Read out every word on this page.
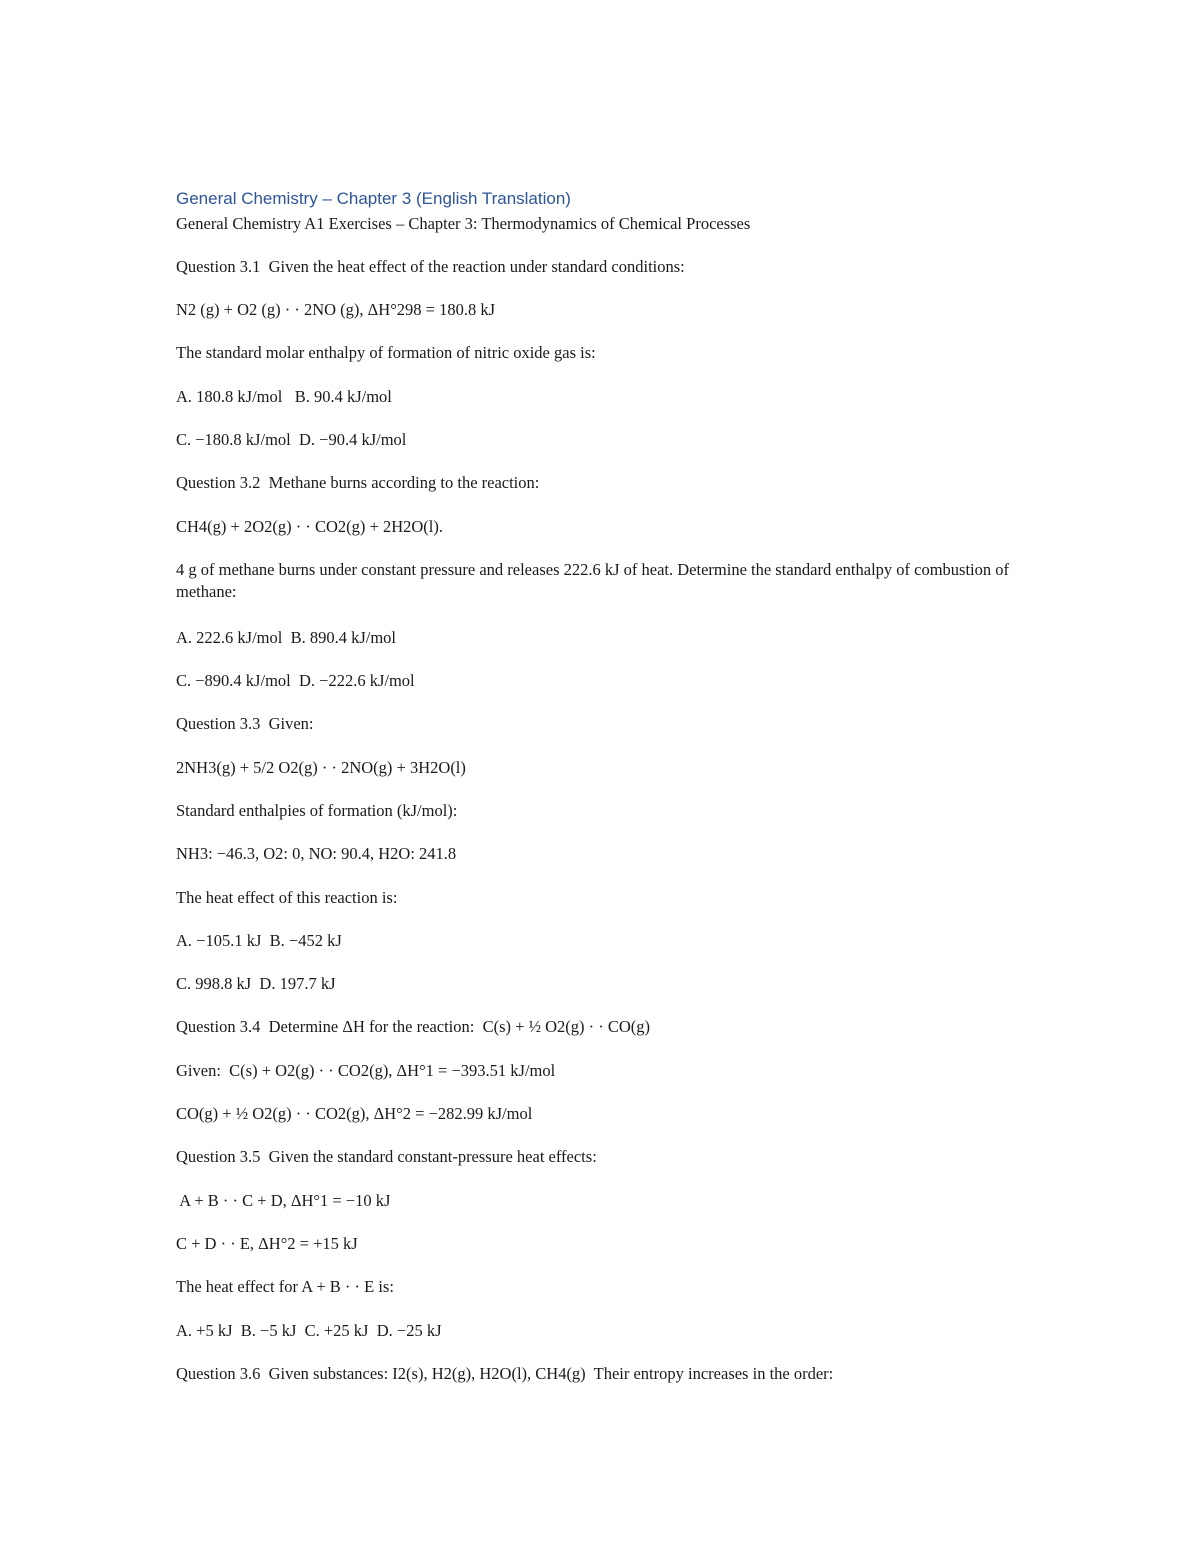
General Chemistry – Chapter 3 (English Translation)

General Chemistry A1 Exercises – Chapter 3: Thermodynamics of Chemical Processes

Question 3.1  Given the heat effect of the reaction under standard conditions:

N2 (g) + O2 (g) · · 2NO (g), ΔH°298 = 180.8 kJ

The standard molar enthalpy of formation of nitric oxide gas is:

A. 180.8 kJ/mol   B. 90.4 kJ/mol

C. −180.8 kJ/mol  D. −90.4 kJ/mol

Question 3.2  Methane burns according to the reaction:

CH4(g) + 2O2(g) · · CO2(g) + 2H2O(l).

4 g of methane burns under constant pressure and releases 222.6 kJ of heat. Determine the standard enthalpy of combustion of methane:

A. 222.6 kJ/mol  B. 890.4 kJ/mol

C. −890.4 kJ/mol  D. −222.6 kJ/mol

Question 3.3  Given:

2NH3(g) + 5/2 O2(g) · · 2NO(g) + 3H2O(l)

Standard enthalpies of formation (kJ/mol):

NH3: −46.3, O2: 0, NO: 90.4, H2O: 241.8

The heat effect of this reaction is:

A. −105.1 kJ  B. −452 kJ

C. 998.8 kJ  D. 197.7 kJ

Question 3.4  Determine ΔH for the reaction:  C(s) + ½ O2(g) · · CO(g)

Given:  C(s) + O2(g) · · CO2(g), ΔH°1 = −393.51 kJ/mol

CO(g) + ½ O2(g) · · CO2(g), ΔH°2 = −282.99 kJ/mol

Question 3.5  Given the standard constant-pressure heat effects:

A + B · · C + D, ΔH°1 = −10 kJ

C + D · · E, ΔH°2 = +15 kJ

The heat effect for A + B · · E is:

A. +5 kJ  B. −5 kJ  C. +25 kJ  D. −25 kJ

Question 3.6  Given substances: I2(s), H2(g), H2O(l), CH4(g)  Their entropy increases in the order:
